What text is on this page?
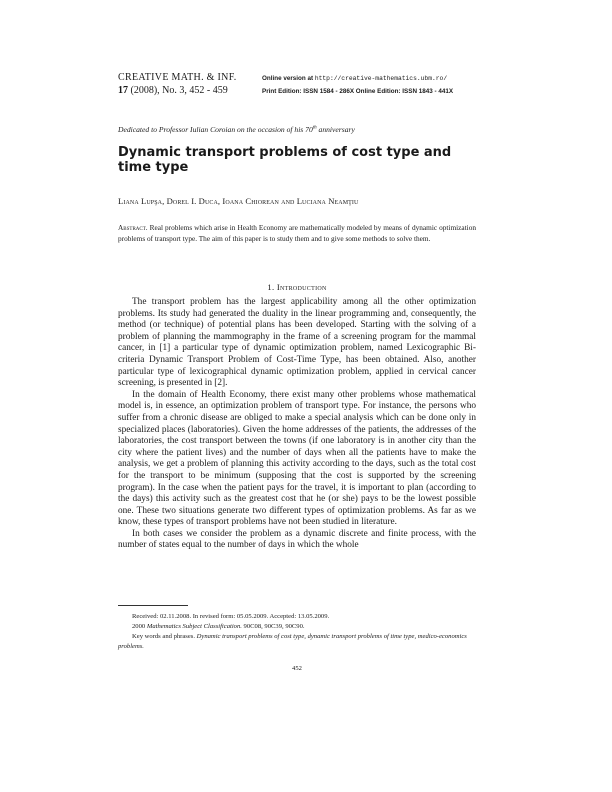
CREATIVE MATH. & INF.
17 (2008), No. 3, 452 - 459
Online version at http://creative-mathematics.ubm.ro/
Print Edition: ISSN 1584 - 286X Online Edition: ISSN 1843 - 441X
Dedicated to Professor Iulian Coroian on the occasion of his 70th anniversary
Dynamic transport problems of cost type and time type
Liana Lupşa, Dorel I. Duca, Ioana Chiorean and Luciana Neamţiu
Abstract. Real problems which arise in Health Economy are mathematically modeled by means of dynamic optimization problems of transport type. The aim of this paper is to study them and to give some methods to solve them.
1. Introduction

The transport problem has the largest applicability among all the other optimization problems. Its study had generated the duality in the linear programming and, consequently, the method (or technique) of potential plans has been developed. Starting with the solving of a problem of planning the mammography in the frame of a screening program for the mammal cancer, in [1] a particular type of dynamic optimization problem, named Lexicographic Bi-criteria Dynamic Transport Problem of Cost-Time Type, has been obtained. Also, another particular type of lexicographical dynamic optimization problem, applied in cervical cancer screening, is presented in [2].

In the domain of Health Economy, there exist many other problems whose mathematical model is, in essence, an optimization problem of transport type. For instance, the persons who suffer from a chronic disease are obliged to make a special analysis which can be done only in specialized places (laboratories). Given the home addresses of the patients, the addresses of the laboratories, the cost transport between the towns (if one laboratory is in another city than the city where the patient lives) and the number of days when all the patients have to make the analysis, we get a problem of planning this activity according to the days, such as the total cost for the transport to be minimum (supposing that the cost is supported by the screening program). In the case when the patient pays for the travel, it is important to plan (according to the days) this activity such as the greatest cost that he (or she) pays to be the lowest possible one. These two situations generate two different types of optimization problems. As far as we know, these types of transport problems have not been studied in literature.

In both cases we consider the problem as a dynamic discrete and finite process, with the number of states equal to the number of days in which the whole

Received: 02.11.2008. In revised form: 05.05.2009. Accepted: 13.05.2009.
2000 Mathematics Subject Classification. 90C08, 90C39, 90C90.
Key words and phrases. Dynamic transport problems of cost type, dynamic transport problems of time type, medico-economics problems.
452
